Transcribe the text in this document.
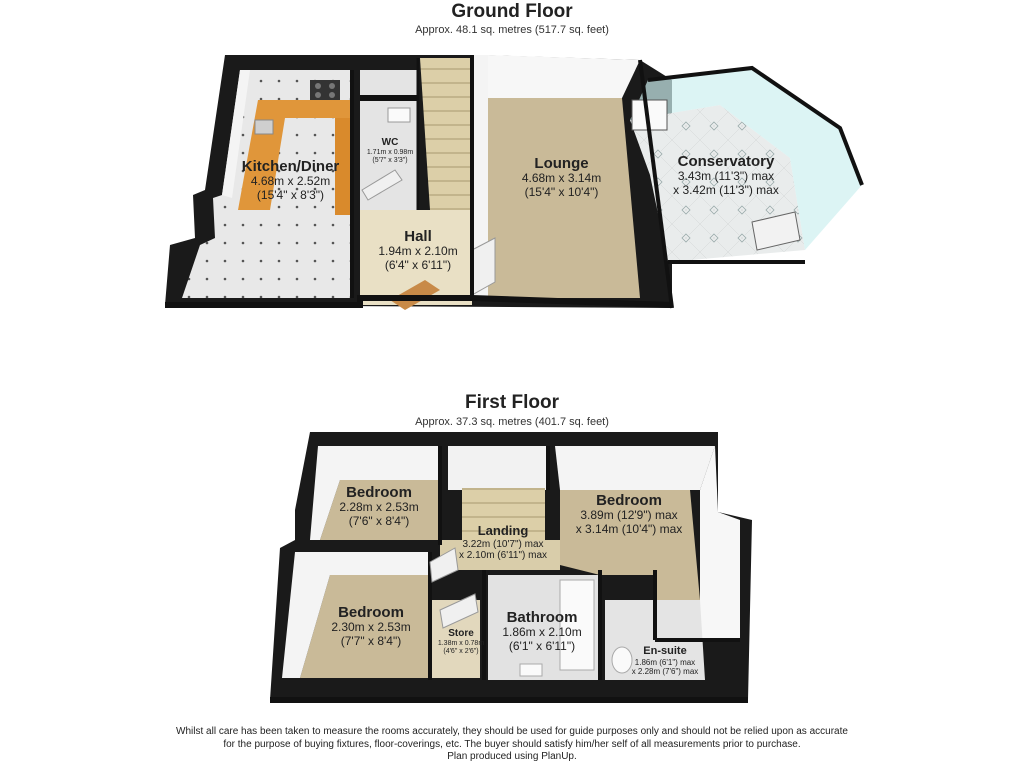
Ground Floor
Approx. 48.1 sq. metres (517.7 sq. feet)
First Floor
Approx. 37.3 sq. metres (401.7 sq. feet)
Kitchen/Diner
4.68m x 2.52m
(15'4" x 8'3")
WC
1.71m x 0.98m
(5'7" x 3'3")
Hall
1.94m x 2.10m
(6'4" x 6'11")
Lounge
4.68m x 3.14m
(15'4" x 10'4")
Conservatory
3.43m (11'3") max
x 3.42m (11'3") max
Bedroom
2.28m x 2.53m
(7'6" x 8'4")
Landing
3.22m (10'7") max
x 2.10m (6'11") max
Bedroom
3.89m (12'9") max
x 3.14m (10'4") max
Bedroom
2.30m x 2.53m
(7'7" x 8'4")
Store
1.38m x 0.78m
(4'6" x 2'6")
Bathroom
1.86m x 2.10m
(6'1" x 6'11")	En-suite
1.86m (6'1") max
x 2.28m (7'6") max
Whilst all care has been taken to measure the rooms accurately, they should be used for guide purposes only and should not be relied upon as accurate
for the purpose of buying fixtures, floor-coverings, etc. The buyer should satisfy him/her self of all measurements prior to purchase.
Plan produced using PlanUp.
